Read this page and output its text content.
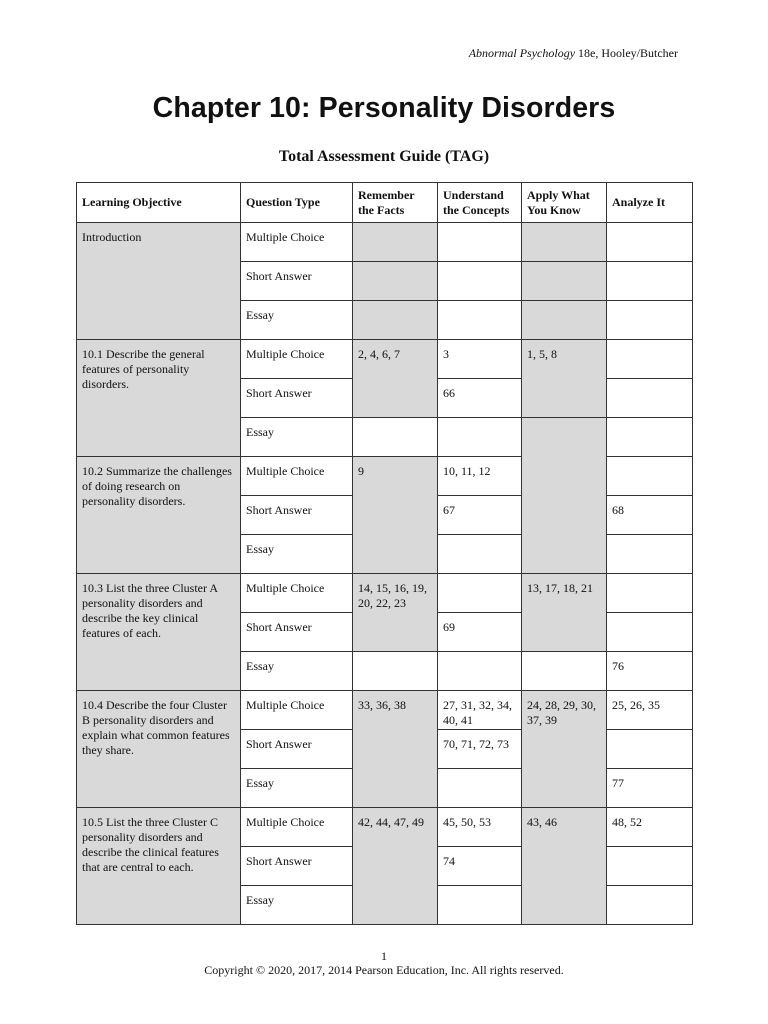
Abnormal Psychology 18e, Hooley/Butcher
Chapter 10: Personality Disorders
Total Assessment Guide (TAG)
Learning Objective	Question Type	Remember the Facts	Understand the Concepts	Apply What You Know	Analyze It
Introduction	Multiple Choice				
	Short Answer				
	Essay				
10.1 Describe the general features of personality disorders.	Multiple Choice	2, 4, 6, 7	3	1, 5, 8	
	Short Answer		66		
	Essay				
10.2 Summarize the challenges of doing research on personality disorders.	Multiple Choice	9	10, 11, 12		
	Short Answer		67		68
	Essay				
10.3 List the three Cluster A personality disorders and describe the key clinical features of each.	Multiple Choice	14, 15, 16, 19, 20, 22, 23		13, 17, 18, 21	
	Short Answer		69		
	Essay				76
10.4 Describe the four Cluster B personality disorders and explain what common features they share.	Multiple Choice	33, 36, 38	27, 31, 32, 34, 40, 41	24, 28, 29, 30, 37, 39	25, 26, 35
	Short Answer		70, 71, 72, 73		
	Essay				77
10.5 List the three Cluster C personality disorders and describe the clinical features that are central to each.	Multiple Choice	42, 44, 47, 49	45, 50, 53	43, 46	48, 52
	Short Answer		74		
	Essay				
1
Copyright © 2020, 2017, 2014 Pearson Education, Inc. All rights reserved.
